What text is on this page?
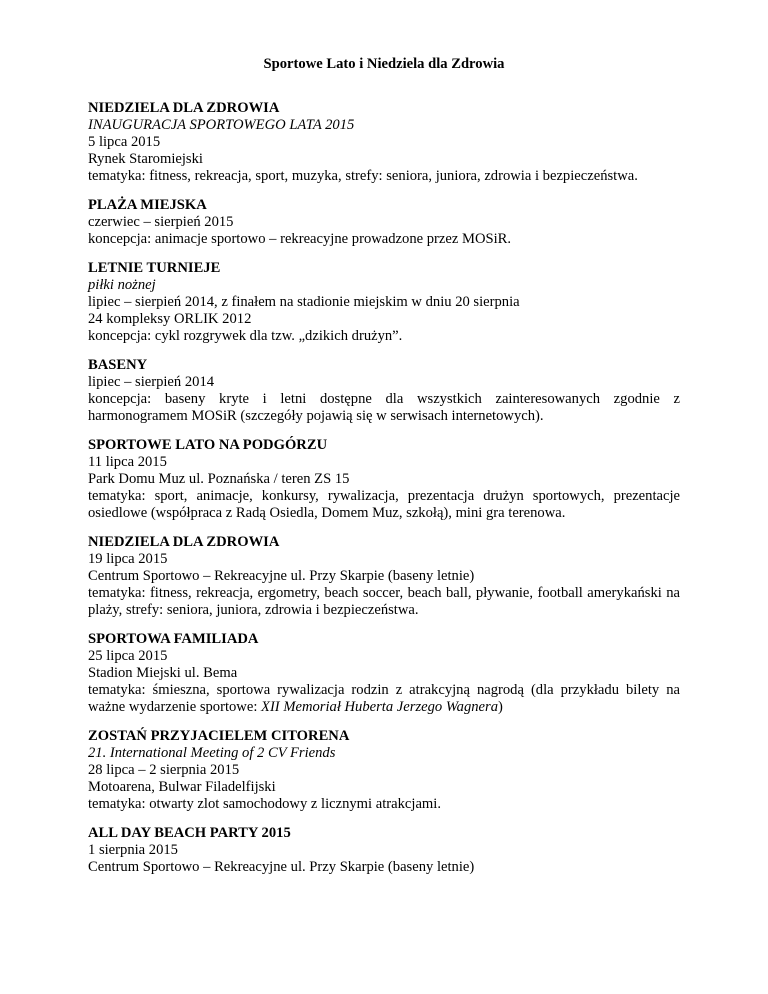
Sportowe Lato i Niedziela dla Zdrowia
NIEDZIELA DLA ZDROWIA
INAUGURACJA SPORTOWEGO LATA 2015
5 lipca 2015
Rynek Staromiejski
tematyka: fitness, rekreacja, sport, muzyka, strefy: seniora, juniora, zdrowia i bezpieczeństwa.
PLAŻA MIEJSKA
czerwiec – sierpień 2015
koncepcja: animacje sportowo – rekreacyjne prowadzone przez MOSiR.
LETNIE TURNIEJE
piłki nożnej
lipiec – sierpień 2014, z finałem na stadionie miejskim w dniu 20 sierpnia
24 kompleksy ORLIK 2012
koncepcja: cykl rozgrywek dla tzw. „dzikich drużyn”.
BASENY
lipiec – sierpień 2014
koncepcja: baseny kryte i letni dostępne dla wszystkich zainteresowanych zgodnie z harmonogramem MOSiR (szczegóły pojawią się w serwisach internetowych).
SPORTOWE LATO NA PODGÓRZU
11 lipca 2015
Park Domu Muz ul. Poznańska / teren ZS 15
tematyka: sport, animacje, konkursy, rywalizacja, prezentacja drużyn sportowych, prezentacje osiedlowe (współpraca z Radą Osiedla, Domem Muz, szkołą), mini gra terenowa.
NIEDZIELA DLA ZDROWIA
19 lipca 2015
Centrum Sportowo – Rekreacyjne ul. Przy Skarpie (baseny letnie)
tematyka: fitness, rekreacja, ergometry, beach soccer, beach ball, pływanie, football amerykański na plaży, strefy: seniora, juniora, zdrowia i bezpieczeństwa.
SPORTOWA FAMILIADA
25 lipca 2015
Stadion Miejski ul. Bema
tematyka: śmieszna, sportowa rywalizacja rodzin z atrakcyjną nagrodą (dla przykładu bilety na ważne wydarzenie sportowe: XII Memoriał Huberta Jerzego Wagnera)
ZOSTAŃ PRZYJACIELEM CITORENA
21. International Meeting of 2 CV Friends
28 lipca – 2 sierpnia 2015
Motoarena, Bulwar Filadelfijski
tematyka: otwarty zlot samochodowy z licznymi atrakcjami.
ALL DAY BEACH PARTY 2015
1 sierpnia 2015
Centrum Sportowo – Rekreacyjne ul. Przy Skarpie (baseny letnie)
